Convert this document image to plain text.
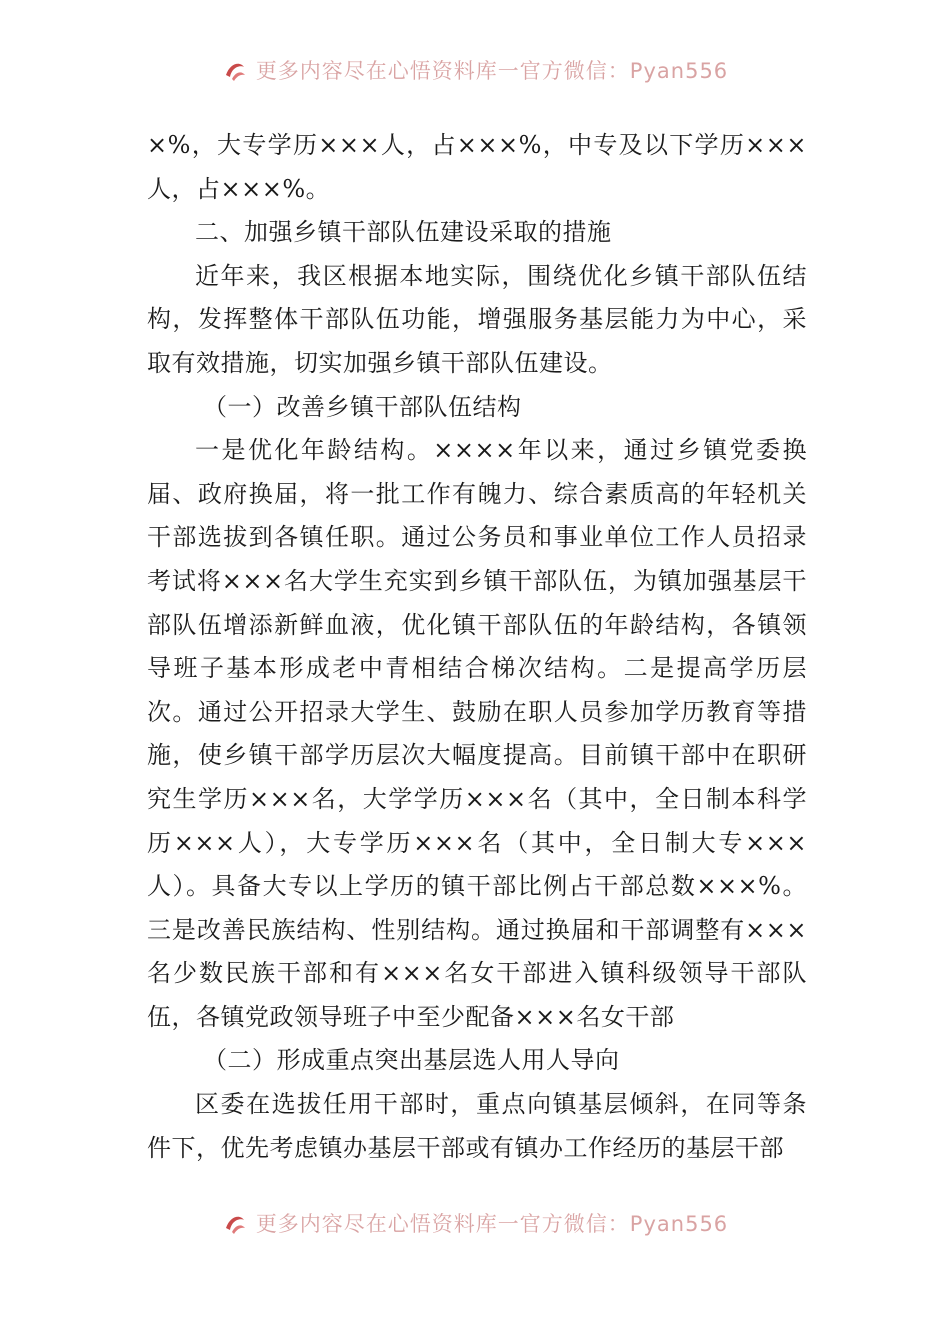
更多内容尽在心悟资料库一官方微信：Pyan556

×%，大专学历×××人，占×××%，中专及以下学历×××人，占×××%。

二、加强乡镇干部队伍建设采取的措施

近年来，我区根据本地实际，围绕优化乡镇干部队伍结构，发挥整体干部队伍功能，增强服务基层能力为中心，采取有效措施，切实加强乡镇干部队伍建设。

（一）改善乡镇干部队伍结构

一是优化年龄结构。××××年以来，通过乡镇党委换届、政府换届，将一批工作有魄力、综合素质高的年轻机关干部选拔到各镇任职。通过公务员和事业单位工作人员招录考试将×××名大学生充实到乡镇干部队伍，为镇加强基层干部队伍增添新鲜血液，优化镇干部队伍的年龄结构，各镇领导班子基本形成老中青相结合梯次结构。二是提高学历层次。通过公开招录大学生、鼓励在职人员参加学历教育等措施，使乡镇干部学历层次大幅度提高。目前镇干部中在职研究生学历×××名，大学学历×××名（其中，全日制本科学历×××人），大专学历×××名（其中，全日制大专×××人）。具备大专以上学历的镇干部比例占干部总数×××%。三是改善民族结构、性别结构。通过换届和干部调整有×××名少数民族干部和有×××名女干部进入镇科级领导干部队伍，各镇党政领导班子中至少配备×××名女干部

（二）形成重点突出基层选人用人导向

区委在选拔任用干部时，重点向镇基层倾斜，在同等条件下，优先考虑镇办基层干部或有镇办工作经历的基层干部

更多内容尽在心悟资料库一官方微信：Pyan556
